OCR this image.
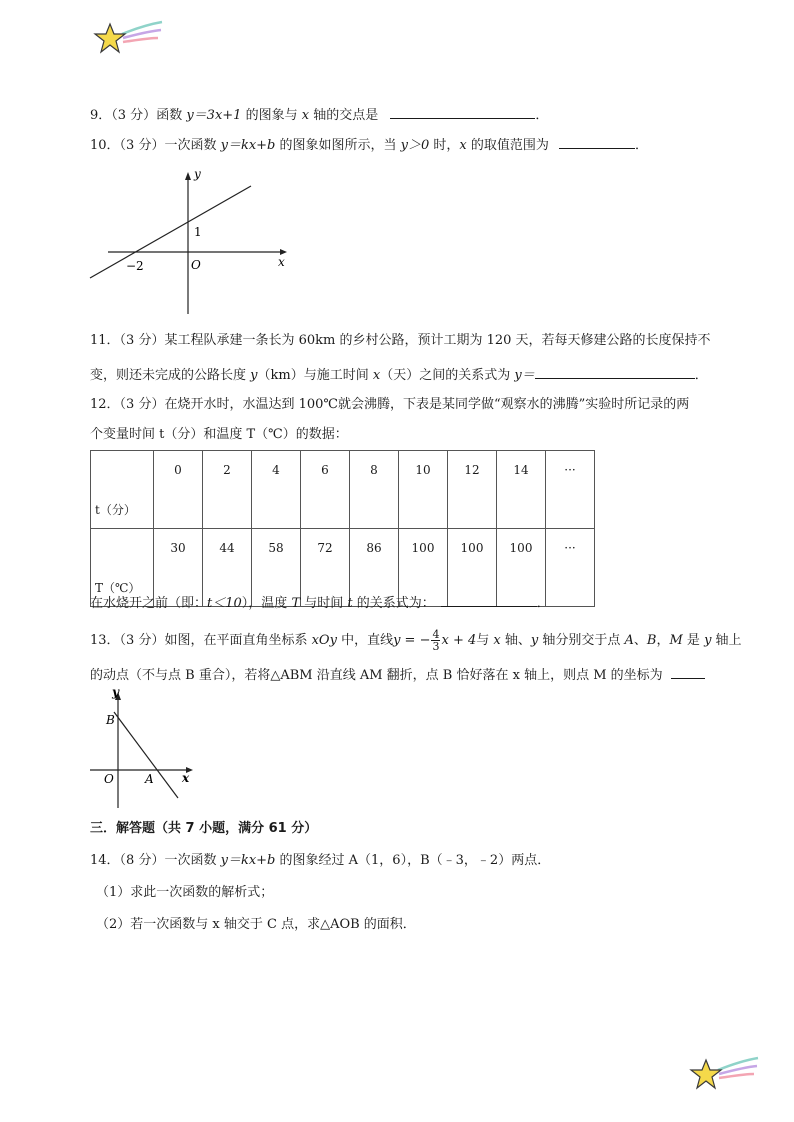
9．（3 分）函数 y＝3x+1 的图象与 x 轴的交点是	．
10．（3 分）一次函数 y＝kx+b 的图象如图所示，当 y＞0 时，x 的取值范围为	．
y
x
O
−2
1
11．（3 分）某工程队承建一条长为 60km 的乡村公路，预计工期为 120 天，若每天修建公路的长度保持不
变，则还未完成的公路长度 y（km）与施工时间 x（天）之间的关系式为 y＝	．
12．（3 分）在烧开水时，水温达到 100℃就会沸腾，下表是某同学做“观察水的沸腾”实验时所记录的两
个变量时间 t（分）和温度 T（℃）的数据：
t（分）	0	2	4	6	8	10	12	14	···
T（℃）	30	44	58	72	86	100	100	100	···
在水烧开之前（即：t＜10），温度 T 与时间 t 的关系式为：	．
13．（3 分）如图，在平面直角坐标系 xOy 中，直线y = − $\frac{4}{3}$ x + 4与 x 轴、y 轴分别交于点 A、B，M 是 y 轴上
的动点（不与点 B 重合），若将△ABM 沿直线 AM 翻折，点 B 恰好落在 x 轴上，则点 M 的坐标为
y
x
O	A
B
三．解答题（共 7 小题，满分 61 分）
14．（8 分）一次函数 y＝kx+b 的图象经过 A（1，6），B（﹣3，﹣2）两点．
（1）求此一次函数的解析式；
（2）若一次函数与 x 轴交于 C 点，求△AOB 的面积．
